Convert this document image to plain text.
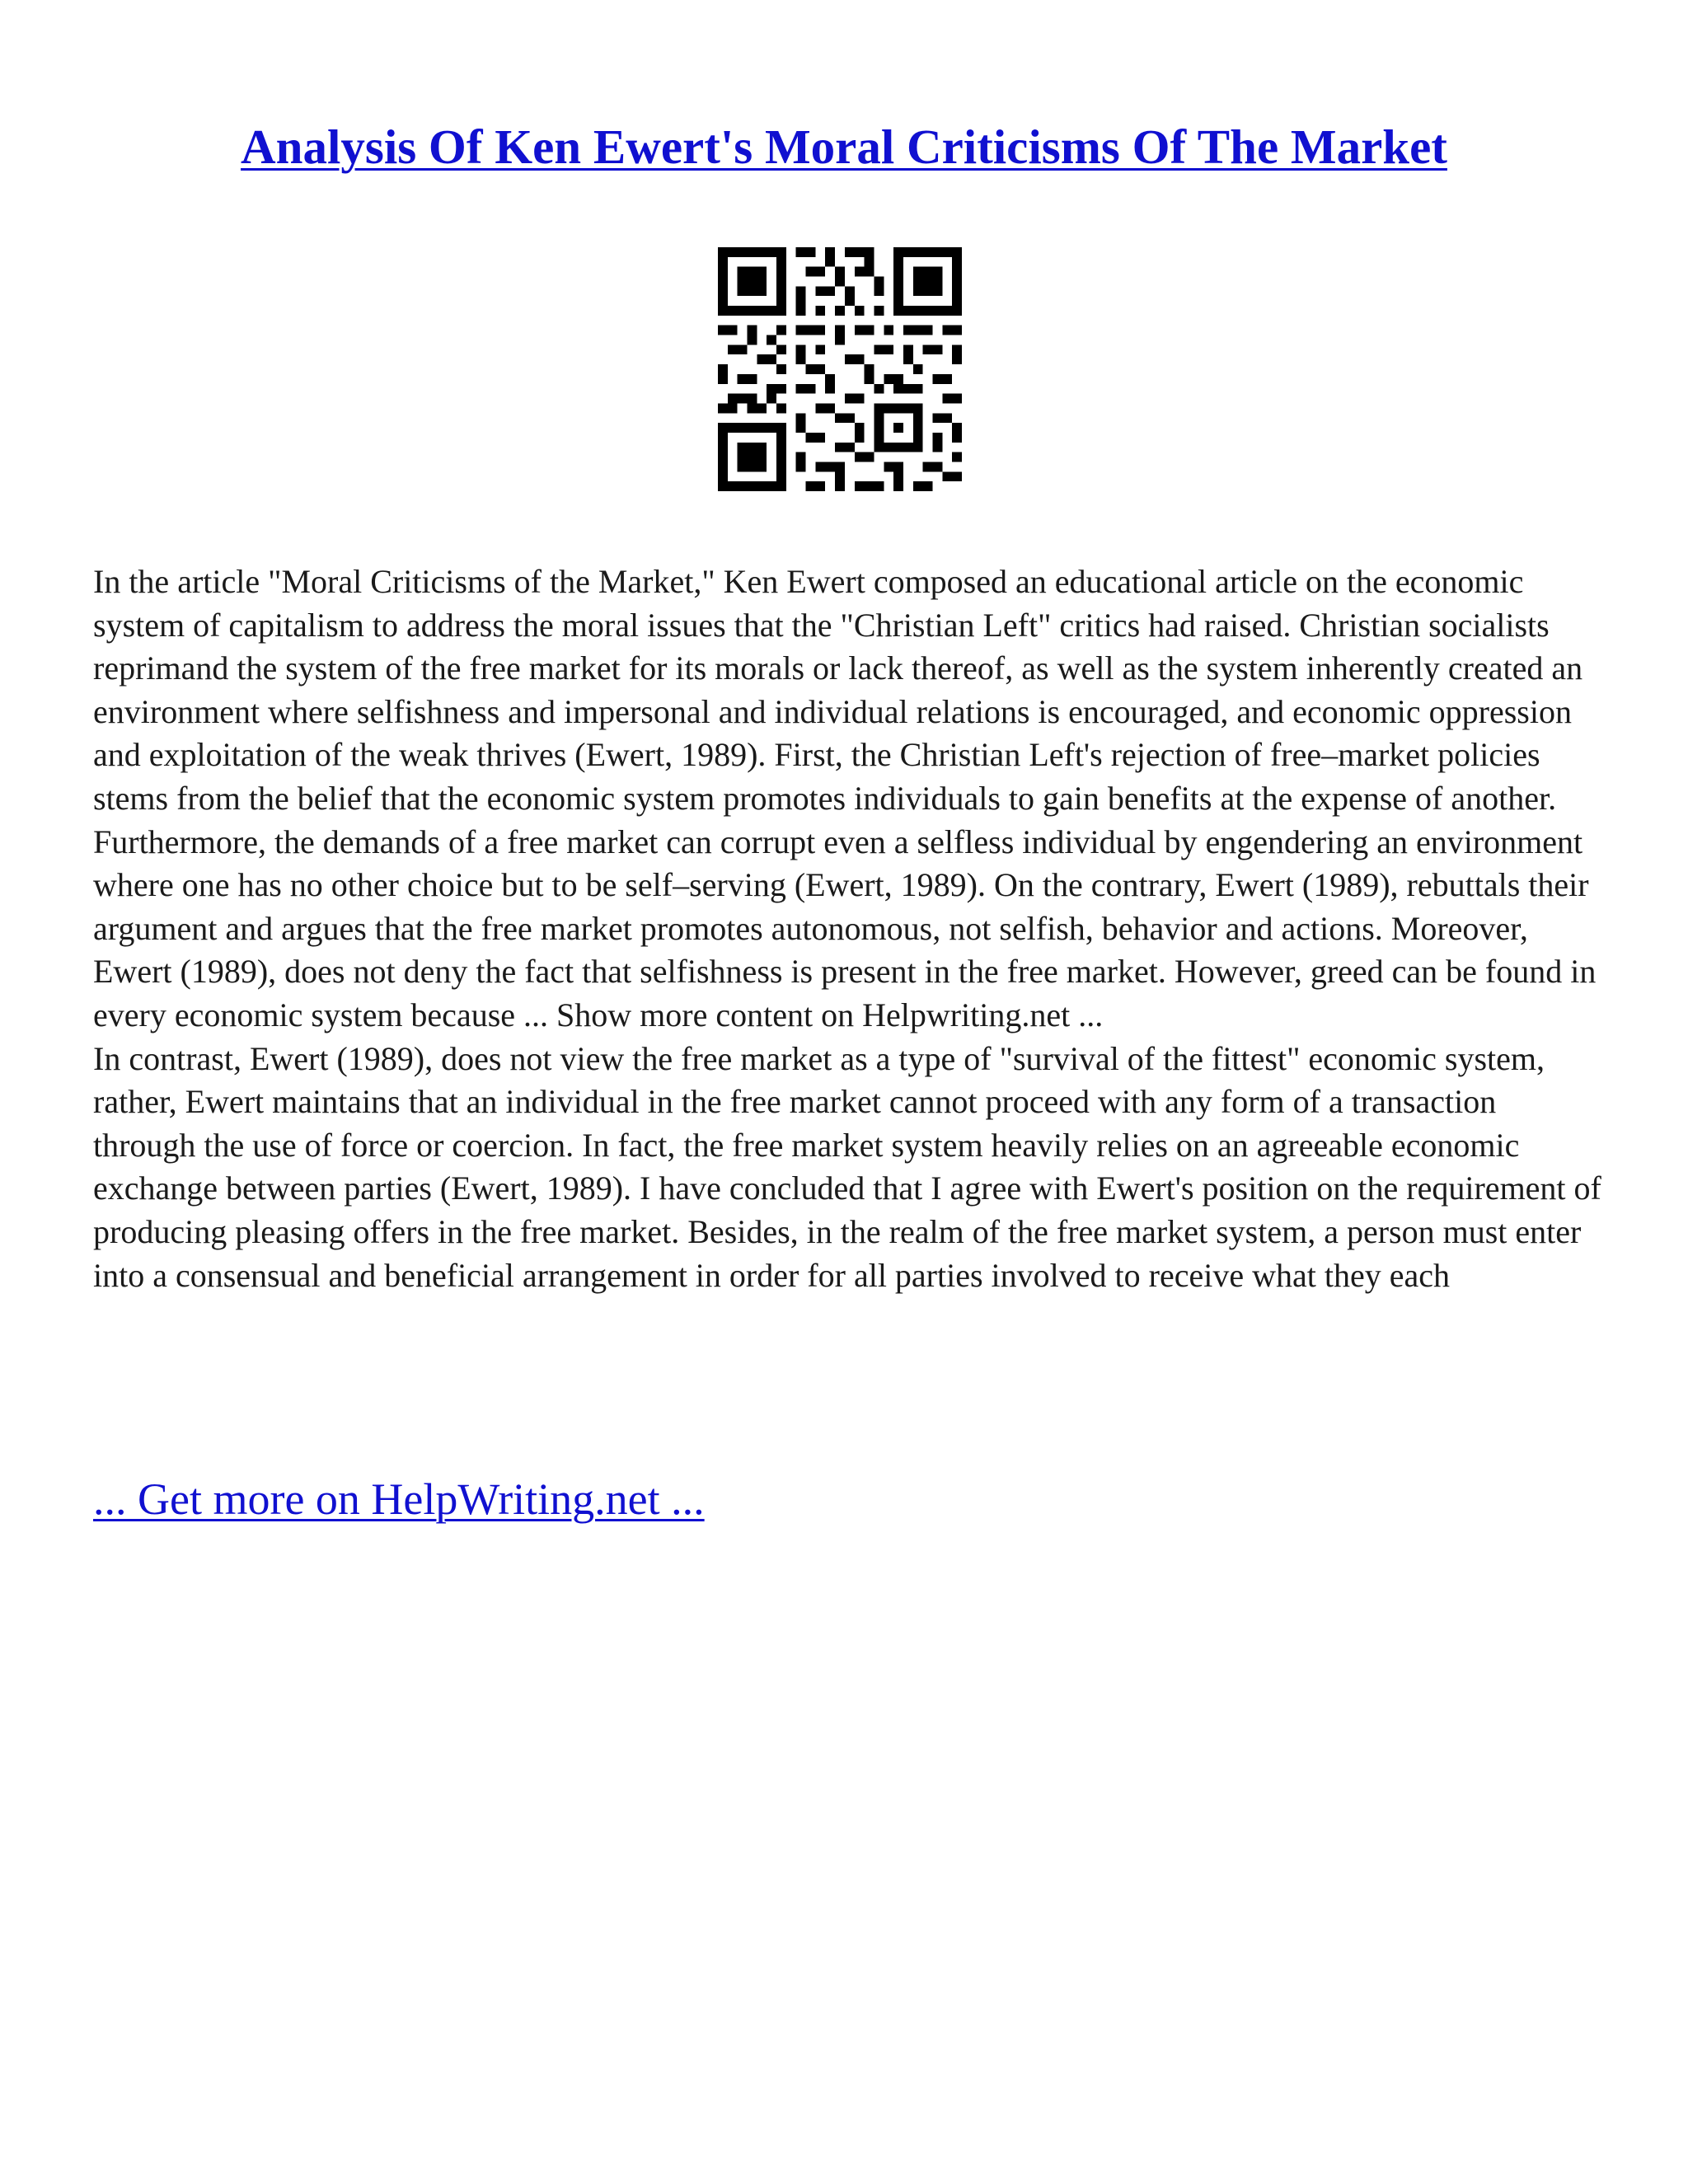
Analysis Of Ken Ewert's Moral Criticisms Of The Market

In the article "Moral Criticisms of the Market," Ken Ewert composed an educational article on the economic system of capitalism to address the moral issues that the "Christian Left" critics had raised. Christian socialists reprimand the system of the free market for its morals or lack thereof, as well as the system inherently created an environment where selfishness and impersonal and individual relations is encouraged, and economic oppression and exploitation of the weak thrives (Ewert, 1989). First, the Christian Left's rejection of free–market policies stems from the belief that the economic system promotes individuals to gain benefits at the expense of another. Furthermore, the demands of a free market can corrupt even a selfless individual by engendering an environment where one has no other choice but to be self–serving (Ewert, 1989). On the contrary, Ewert (1989), rebuttals their argument and argues that the free market promotes autonomous, not selfish, behavior and actions. Moreover, Ewert (1989), does not deny the fact that selfishness is present in the free market. However, greed can be found in every economic system because ... Show more content on Helpwriting.net ...

In contrast, Ewert (1989), does not view the free market as a type of "survival of the fittest" economic system, rather, Ewert maintains that an individual in the free market cannot proceed with any form of a transaction through the use of force or coercion. In fact, the free market system heavily relies on an agreeable economic exchange between parties (Ewert, 1989). I have concluded that I agree with Ewert's position on the requirement of producing pleasing offers in the free market. Besides, in the realm of the free market system, a person must enter into a consensual and beneficial arrangement in order for all parties involved to receive what they each

... Get more on HelpWriting.net ...
